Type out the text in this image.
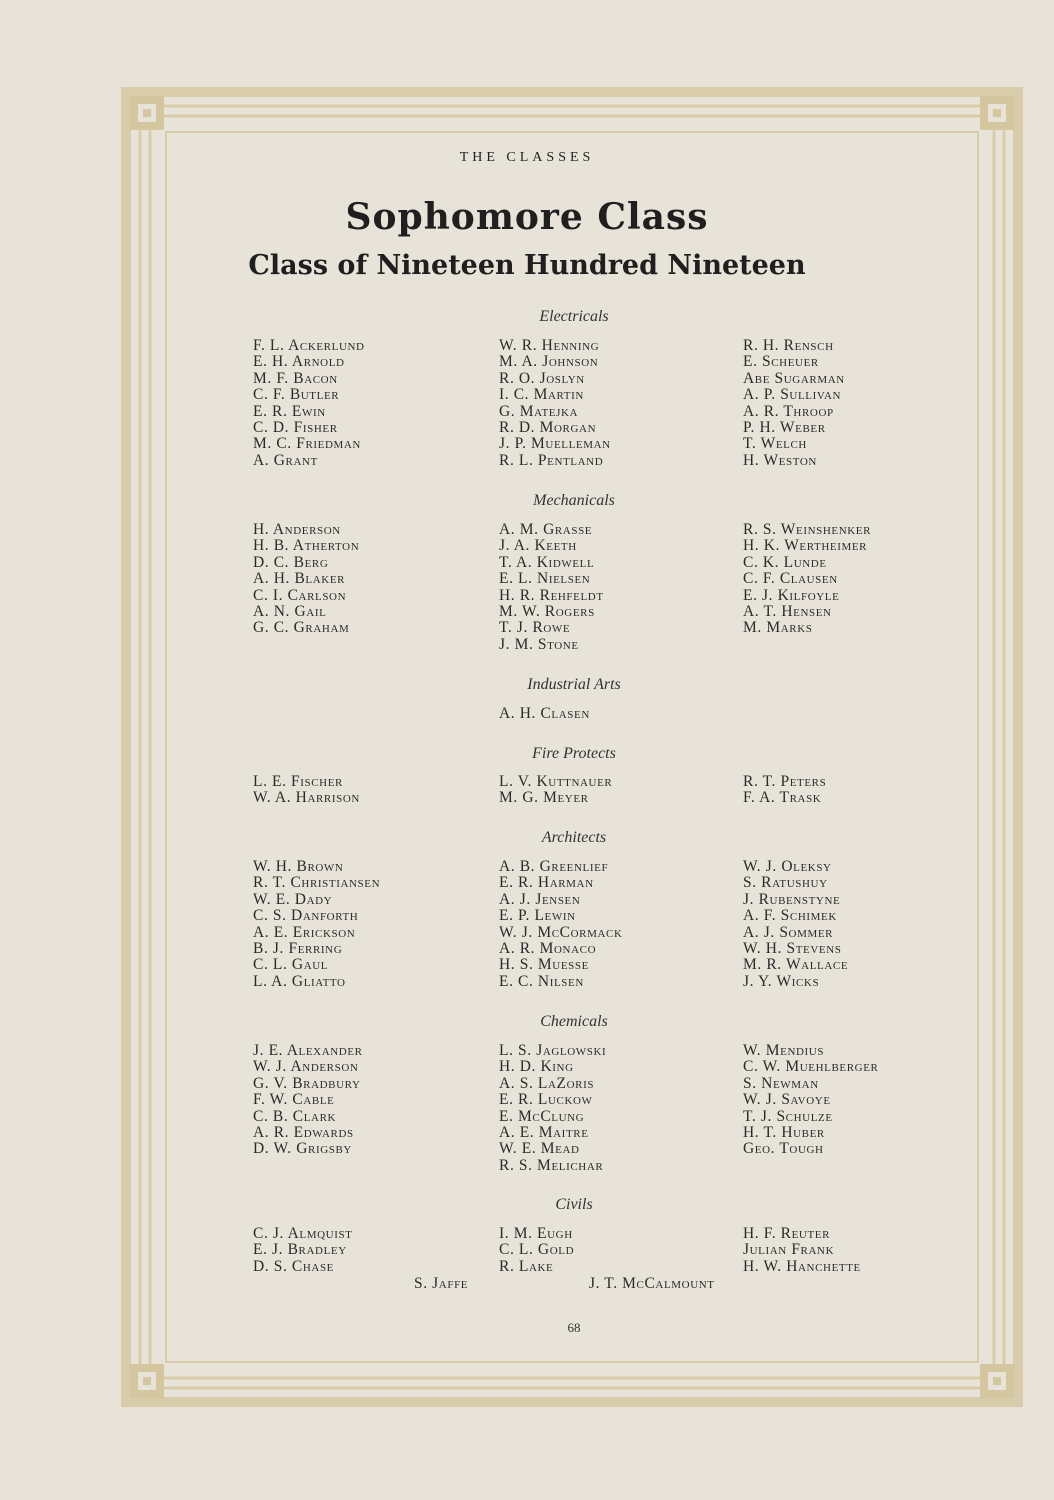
THE CLASSES
Sophomore Class
Class of Nineteen Hundred Nineteen
Electricals
F. L. Ackerlund
E. H. Arnold
M. F. Bacon
C. F. Butler
E. R. Ewin
C. D. Fisher
M. C. Friedman
A. Grant
W. R. Henning
M. A. Johnson
R. O. Joslyn
I. C. Martin
G. Matejka
R. D. Morgan
J. P. Muelleman
R. L. Pentland
R. H. Rensch
E. Scheuer
Abe Sugarman
A. P. Sullivan
A. R. Throop
P. H. Weber
T. Welch
H. Weston
Mechanicals
H. Anderson
H. B. Atherton
D. C. Berg
A. H. Blaker
C. I. Carlson
A. N. Gail
G. C. Graham
A. M. Grasse
J. A. Keeth
T. A. Kidwell
E. L. Nielsen
H. R. Rehfeldt
M. W. Rogers
T. J. Rowe
J. M. Stone
R. S. Weinshenker
H. K. Wertheimer
C. K. Lunde
C. F. Clausen
E. J. Kilfoyle
A. T. Hensen
M. Marks
Industrial Arts
A. H. Clasen
Fire Protects
L. E. Fischer
W. A. Harrison
L. V. Kuttnauer
M. G. Meyer
R. T. Peters
F. A. Trask
Architects
W. H. Brown
R. T. Christiansen
W. E. Dady
C. S. Danforth
A. E. Erickson
B. J. Ferring
C. L. Gaul
L. A. Gliatto
A. B. Greenlief
E. R. Harman
A. J. Jensen
E. P. Lewin
W. J. McCormack
A. R. Monaco
H. S. Muesse
E. C. Nilsen
W. J. Oleksy
S. Ratushuy
J. Rubenstyne
A. F. Schimek
A. J. Sommer
W. H. Stevens
M. R. Wallace
J. Y. Wicks
Chemicals
J. E. Alexander
W. J. Anderson
G. V. Bradbury
F. W. Cable
C. B. Clark
A. R. Edwards
D. W. Grigsby
L. S. Jaglowski
H. D. King
A. S. LaZoris
E. R. Luckow
E. McClung
A. E. Maitre
W. E. Mead
R. S. Melichar
W. Mendius
C. W. Muehlberger
S. Newman
W. J. Savoye
T. J. Schulze
H. T. Huber
Geo. Tough
Civils
C. J. Almquist
E. J. Bradley
D. S. Chase
I. M. Eugh
C. L. Gold
R. Lake
H. F. Reuter
Julian Frank
H. W. Hanchette
S. Jaffe	J. T. McCalmount
68
